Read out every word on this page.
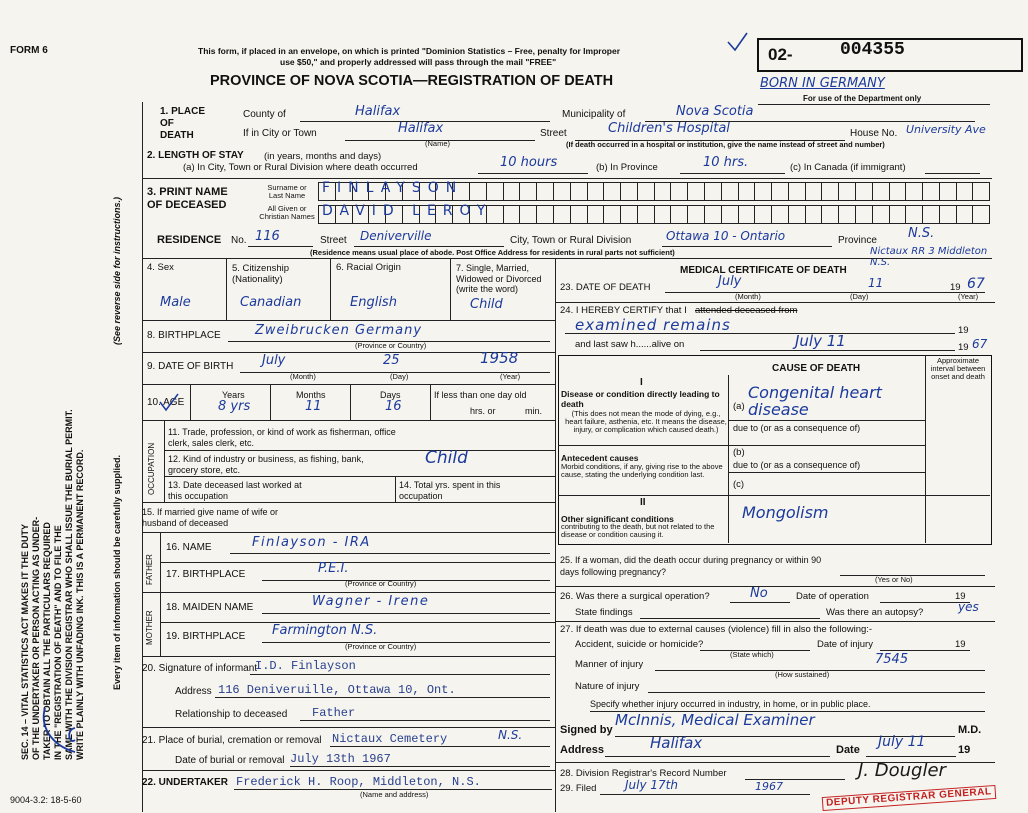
SEC. 14 – VITAL STATISTICS ACT MAKES IT THE DUTY OF THE UNDERTAKER OR PERSON ACTING AS UNDER- TAKER TO OBTAIN ALL THE PARTICULARS REQUIRED IN THE "REGISTRATION OF DEATH" AND TO FILE THE SAME WITH THE DIVISION REGISTRAR WHO SHALL ISSUE THE BURIAL PERMIT. WRITE PLAINLY WITH UNFADING INK. THIS IS A PERMANENT RECORD.
(See reverse side for instructions.)
Every item of information should be carefully supplied.
FORM 6	This form, if placed in an envelope, on which is printed "Dominion Statistics – Free, penalty for Improper
use $50," and properly addressed will pass through the mail "FREE"
PROVINCE OF NOVA SCOTIA—REGISTRATION OF DEATH
02-	004355
BORN IN GERMANY
For use of the Department only
1. PLACE OF DEATH
County of	Halifax	Municipality of	Nova Scotia
If in City or Town	Halifax
(Name)
Street	Children's Hospital	House No. University Ave
(If death occurred in a hospital or institution, give the name instead of street and number)
2. LENGTH OF STAY (in years, months and days)
(a) In City, Town or Rural Division where death occurred	10 hours	(b) In Province	10 hrs.	(c) In Canada (if immigrant)
3. PRINT NAME OF DECEASED
Surname or Last Name	FINLAYSON
All Given or Christian Names DAVID LEROY
RESIDENCE No. 116	Street Deniverville	City, Town or Rural Division	Ottawa 10 - Ontario	Province N.S.
Nictaux RR 3 Middleton N.S.
(Residence means usual place of abode. Post Office Address for residents in rural parts not sufficient)
4. Sex
Male
5. Citizenship (Nationality)
Canadian
6. Racial Origin
English
7. Single, Married, Widowed or Divorced (write the word)
Child
8. BIRTHPLACE	Zweibrucken Germany
(Province or Country)
9. DATE OF BIRTH July	25	1958
(Month)	(Day)	(Year)
10. AGE
Years	Months	Days	If less than one day old
hrs. or	min.
8 yrs	11	16
OCCUPATION
11. Trade, profession, or kind of work as fisherman, office clerk, sales clerk, etc.
12. Kind of industry or business, as fishing, bank, grocery store, etc.
Child
13. Date deceased last worked at this occupation
14. Total yrs. spent in this occupation
15. If married give name of wife or husband of deceased
FATHER
MOTHER
16. NAME	Finlayson - IRA
17. BIRTHPLACE	P.E.I.
(Province or Country)
18. MAIDEN NAME	Wagner - Irene
19. BIRTHPLACE Farmington N.S.
(Province or Country)
20. Signature of informant
I.D. Finlayson
Address 116 Deniveruille, Ottawa 10, Ont.
Relationship to deceased Father
21. Place of burial, cremation or removal Nictaux Cemetery	N.S.
Date of burial or removal July 13th 1967
22. UNDERTAKER Frederick H. Roop, Middleton, N.S.
(Name and address)
9004-3.2: 18-5-60
MEDICAL CERTIFICATE OF DEATH
23. DATE OF DEATH	July	11	19 67
(Month)	(Day)	(Year)
24. I HEREBY CERTIFY that I attended deceased from
examined remains	19
and last saw h......alive on	July 11	19 67
CAUSE OF DEATH
Approximate interval between onset and death
I
Disease or condition directly leading to death
(This does not mean the mode of dying, e.g., heart failure, asthenia, etc. It means the disease, injury, or complication which caused death.)
(a)
Congenital heart disease
due to (or as a consequence of)
(b)
Antecedent causes
Morbid conditions, if any, giving rise to the above cause, stating the underlying condition last.
due to (or as a consequence of)
(c)
II
Other significant conditions
contributing to the death, but not related to the disease or condition causing it.
Mongolism
25. If a woman, did the death occur during pregnancy or within 90 days following pregnancy?
(Yes or No)
26. Was there a surgical operation?	No	Date of operation	19
State findings	Was there an autopsy?	yes
27. If death was due to external causes (violence) fill in also the following:-
Accident, suicide or homicide?
(State which)
Date of injury	19
Manner of injury	7545
(How sustained)
Nature of injury
Specify whether injury occurred in industry, in home, or in public place.
Signed by
McInnis, Medical Examiner
M.D.
Address	Halifax	Date July 11	19
28. Division Registrar's Record Number
29. Filed July 17th	1967	DEPUTY REGISTRAR GENERAL
J. Dougler
